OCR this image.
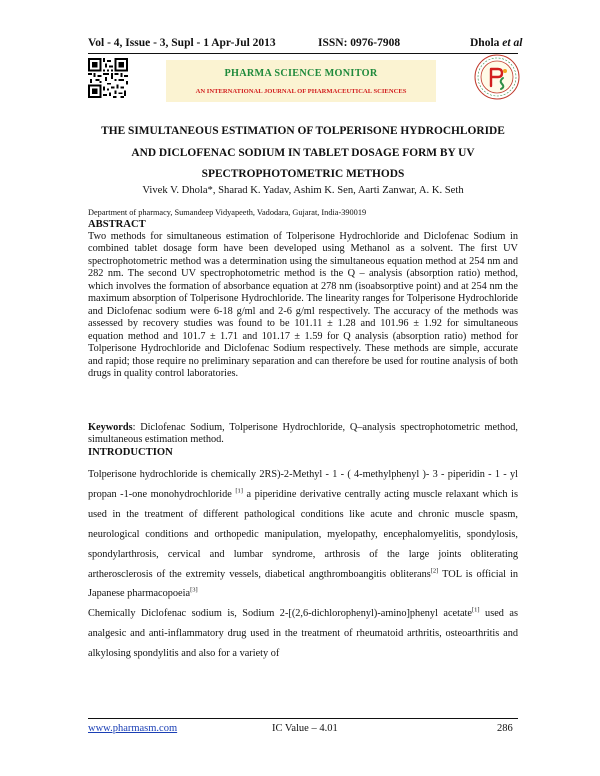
Vol - 4, Issue - 3, Supl - 1 Apr-Jul 2013	ISSN: 0976-7908	Dhola et al
PHARMA SCIENCE MONITOR
AN INTERNATIONAL JOURNAL OF PHARMACEUTICAL SCIENCES
THE SIMULTANEOUS ESTIMATION OF TOLPERISONE HYDROCHLORIDE
AND DICLOFENAC SODIUM IN TABLET DOSAGE FORM BY UV
SPECTROPHOTOMETRIC METHODS
Vivek V. Dhola*, Sharad K. Yadav, Ashim K. Sen, Aarti Zanwar, A. K. Seth
Department of pharmacy, Sumandeep Vidyapeeth, Vadodara, Gujarat, India-390019
ABSTRACT

Two methods for simultaneous estimation of Tolperisone Hydrochloride and Diclofenac Sodium in combined tablet dosage form have been developed using Methanol as a solvent. The first UV spectrophotometric method was a determination using the simultaneous equation method at 254 nm and 282 nm. The second UV spectrophotometric method is the Q – analysis (absorption ratio) method, which involves the formation of absorbance equation at 278 nm (isoabsorptive point) and at 254 nm the maximum absorption of Tolperisone Hydrochloride. The linearity ranges for Tolperisone Hydrochloride and Diclofenac sodium were 6-18 g/ml and 2-6 g/ml respectively. The accuracy of the methods was assessed by recovery studies was found to be 101.11 ± 1.28 and 101.96 ± 1.92 for simultaneous equation method and 101.7 ± 1.71 and 101.17 ± 1.59 for Q analysis (absorption ratio) method for Tolperisone Hydrochloride and Diclofenac Sodium respectively. These methods are simple, accurate and rapid; those require no preliminary separation and can therefore be used for routine analysis of both drugs in quality control laboratories.

Keywords: Diclofenac Sodium, Tolperisone Hydrochloride, Q–analysis spectrophotometric method, simultaneous estimation method.

INTRODUCTION

Tolperisone hydrochloride is chemically 2RS)-2-Methyl - 1 - ( 4-methylphenyl )- 3 - piperidin - 1 - yl propan -1-one monohydrochloride [1] a piperidine derivative centrally acting muscle relaxant which is used in the treatment of different pathological conditions like acute and chronic muscle spasm, neurological conditions and orthopedic manipulation, myelopathy, encephalomyelitis, spondylosis, spondylarthrosis, cervical and lumbar syndrome, arthrosis of the large joints obliterating artherosclerosis of the extremity vessels, diabetical angthromboangitis obliterans[2] TOL is official in Japanese pharmacopoeia[3]

Chemically Diclofenac sodium is, Sodium 2-[(2,6-dichlorophenyl)-amino]phenyl acetate[1] used as analgesic and anti-inflammatory drug used in the treatment of rheumatoid arthritis, osteoarthritis and alkylosing spondylitis and also for a variety of

www.pharmasm.com	IC Value – 4.01	286
